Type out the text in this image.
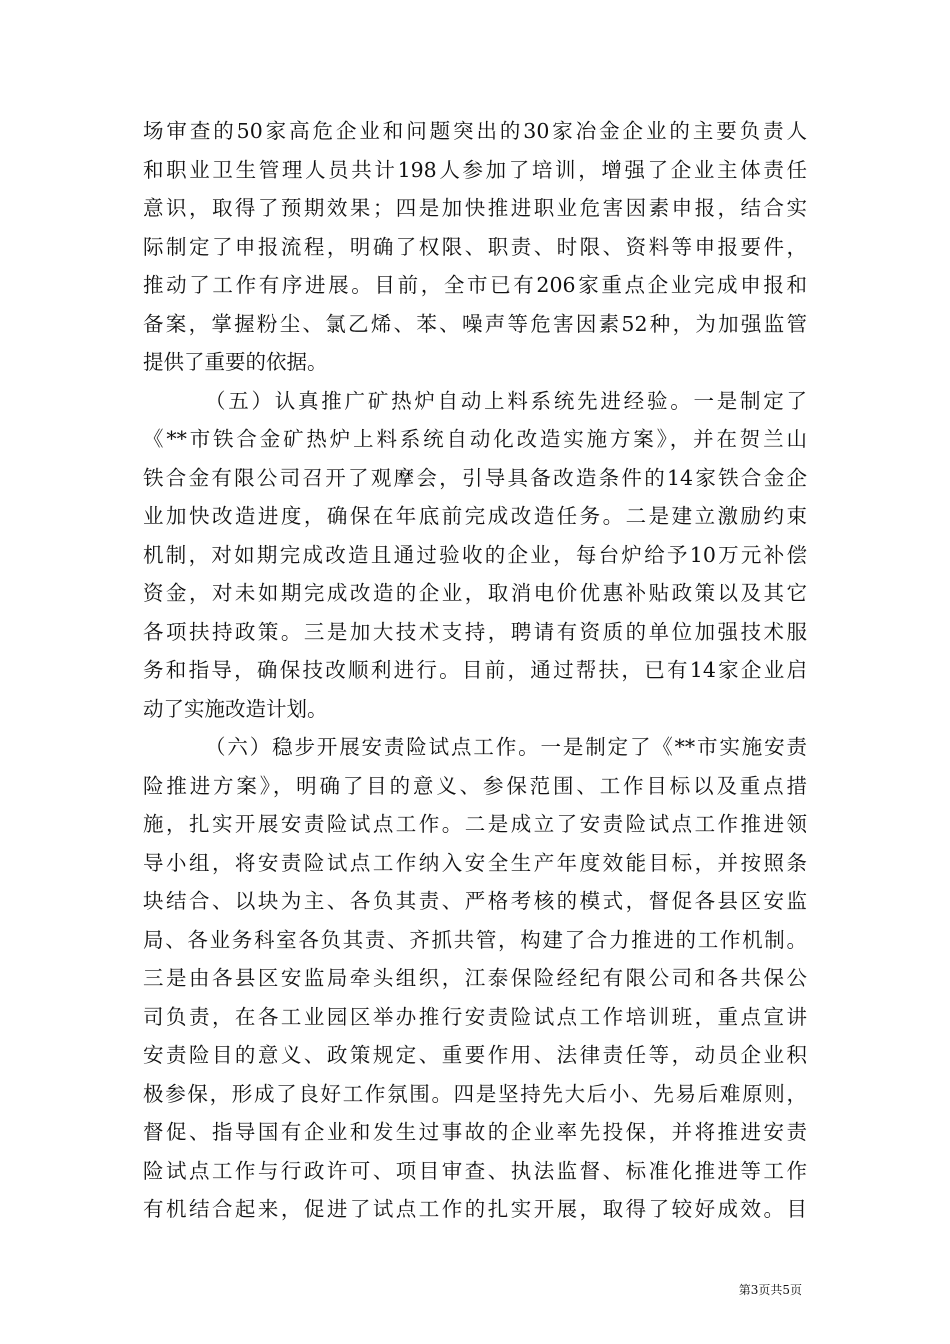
场审查的50家高危企业和问题突出的30家冶金企业的主要负责人
和职业卫生管理人员共计198人参加了培训，增强了企业主体责任
意识，取得了预期效果；四是加快推进职业危害因素申报，结合实
际制定了申报流程，明确了权限、职责、时限、资料等申报要件，
推动了工作有序进展。目前，全市已有206家重点企业完成申报和
备案，掌握粉尘、氯乙烯、苯、噪声等危害因素52种，为加强监管
提供了重要的依据。
（五）认真推广矿热炉自动上料系统先进经验。一是制定了
《**市铁合金矿热炉上料系统自动化改造实施方案》，并在贺兰山
铁合金有限公司召开了观摩会，引导具备改造条件的14家铁合金企
业加快改造进度，确保在年底前完成改造任务。二是建立激励约束
机制，对如期完成改造且通过验收的企业，每台炉给予10万元补偿
资金，对未如期完成改造的企业，取消电价优惠补贴政策以及其它
各项扶持政策。三是加大技术支持，聘请有资质的单位加强技术服
务和指导，确保技改顺利进行。目前，通过帮扶，已有14家企业启
动了实施改造计划。
（六）稳步开展安责险试点工作。一是制定了《**市实施安责
险推进方案》，明确了目的意义、参保范围、工作目标以及重点措
施，扎实开展安责险试点工作。二是成立了安责险试点工作推进领
导小组，将安责险试点工作纳入安全生产年度效能目标，并按照条
块结合、以块为主、各负其责、严格考核的模式，督促各县区安监
局、各业务科室各负其责、齐抓共管，构建了合力推进的工作机制。
三是由各县区安监局牵头组织，江泰保险经纪有限公司和各共保公
司负责，在各工业园区举办推行安责险试点工作培训班，重点宣讲
安责险目的意义、政策规定、重要作用、法律责任等，动员企业积
极参保，形成了良好工作氛围。四是坚持先大后小、先易后难原则，
督促、指导国有企业和发生过事故的企业率先投保，并将推进安责
险试点工作与行政许可、项目审查、执法监督、标准化推进等工作
有机结合起来，促进了试点工作的扎实开展，取得了较好成效。目
第3页共5页
